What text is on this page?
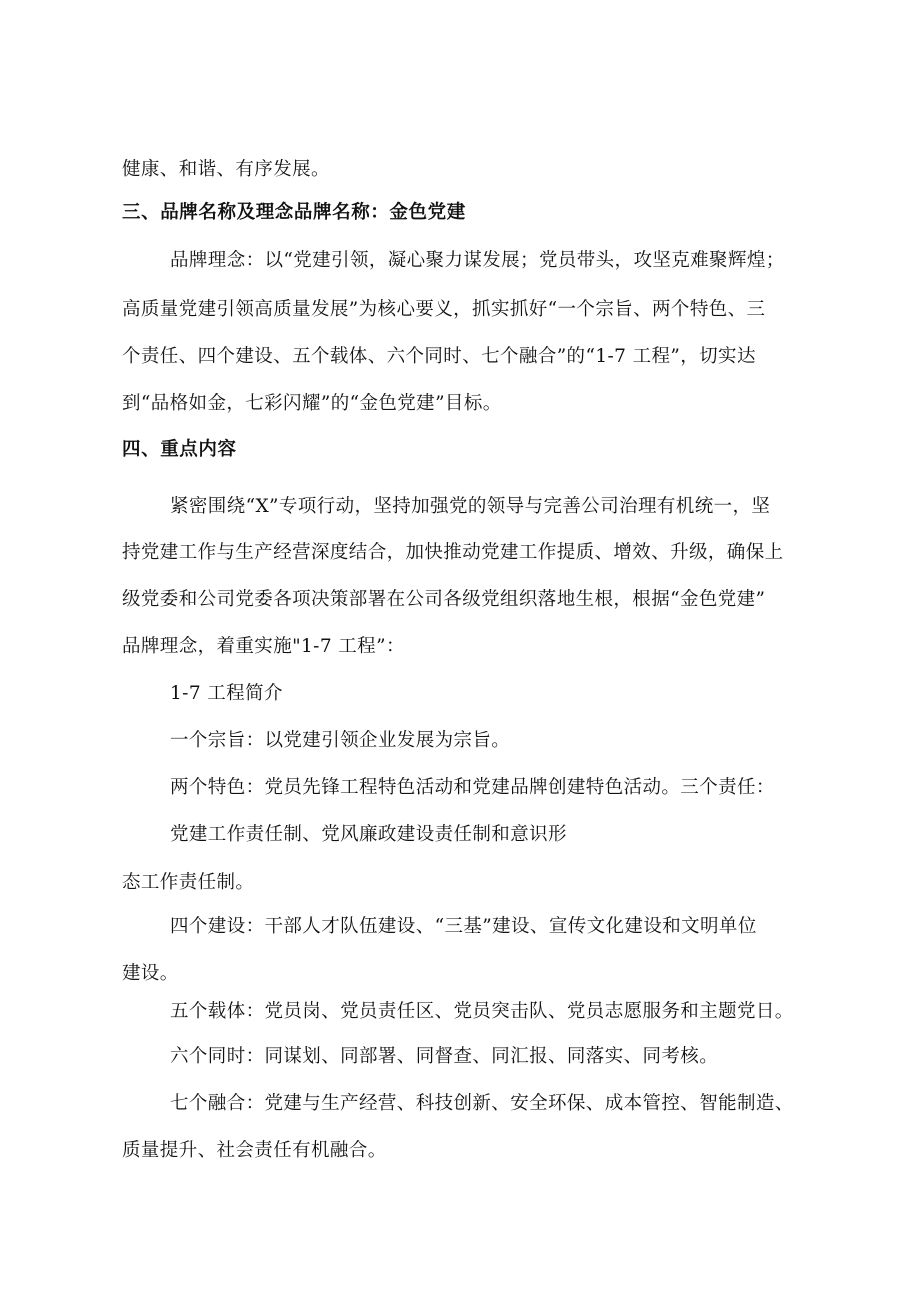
健康、和谐、有序发展。
三、品牌名称及理念品牌名称：金色党建
品牌理念：以“党建引领，凝心聚力谋发展；党员带头，攻坚克难聚辉煌；
高质量党建引领高质量发展”为核心要义，抓实抓好“一个宗旨、两个特色、三
个责任、四个建设、五个载体、六个同时、七个融合”的“1-7 工程”，切实达
到“品格如金，七彩闪耀”的“金色党建”目标。
四、重点内容
紧密围绕“X”专项行动，坚持加强党的领导与完善公司治理有机统一，坚
持党建工作与生产经营深度结合，加快推动党建工作提质、增效、升级，确保上
级党委和公司党委各项决策部署在公司各级党组织落地生根，根据“金色党建”
品牌理念，着重实施"1-7 工程”：
1-7 工程简介
一个宗旨：以党建引领企业发展为宗旨。
两个特色：党员先锋工程特色活动和党建品牌创建特色活动。三个责任：
党建工作责任制、党风廉政建设责任制和意识形
态工作责任制。
四个建设：干部人才队伍建设、“三基”建设、宣传文化建设和文明单位
建设。
五个载体：党员岗、党员责任区、党员突击队、党员志愿服务和主题党日。
六个同时：同谋划、同部署、同督查、同汇报、同落实、同考核。
七个融合：党建与生产经营、科技创新、安全环保、成本管控、智能制造、
质量提升、社会责任有机融合。
